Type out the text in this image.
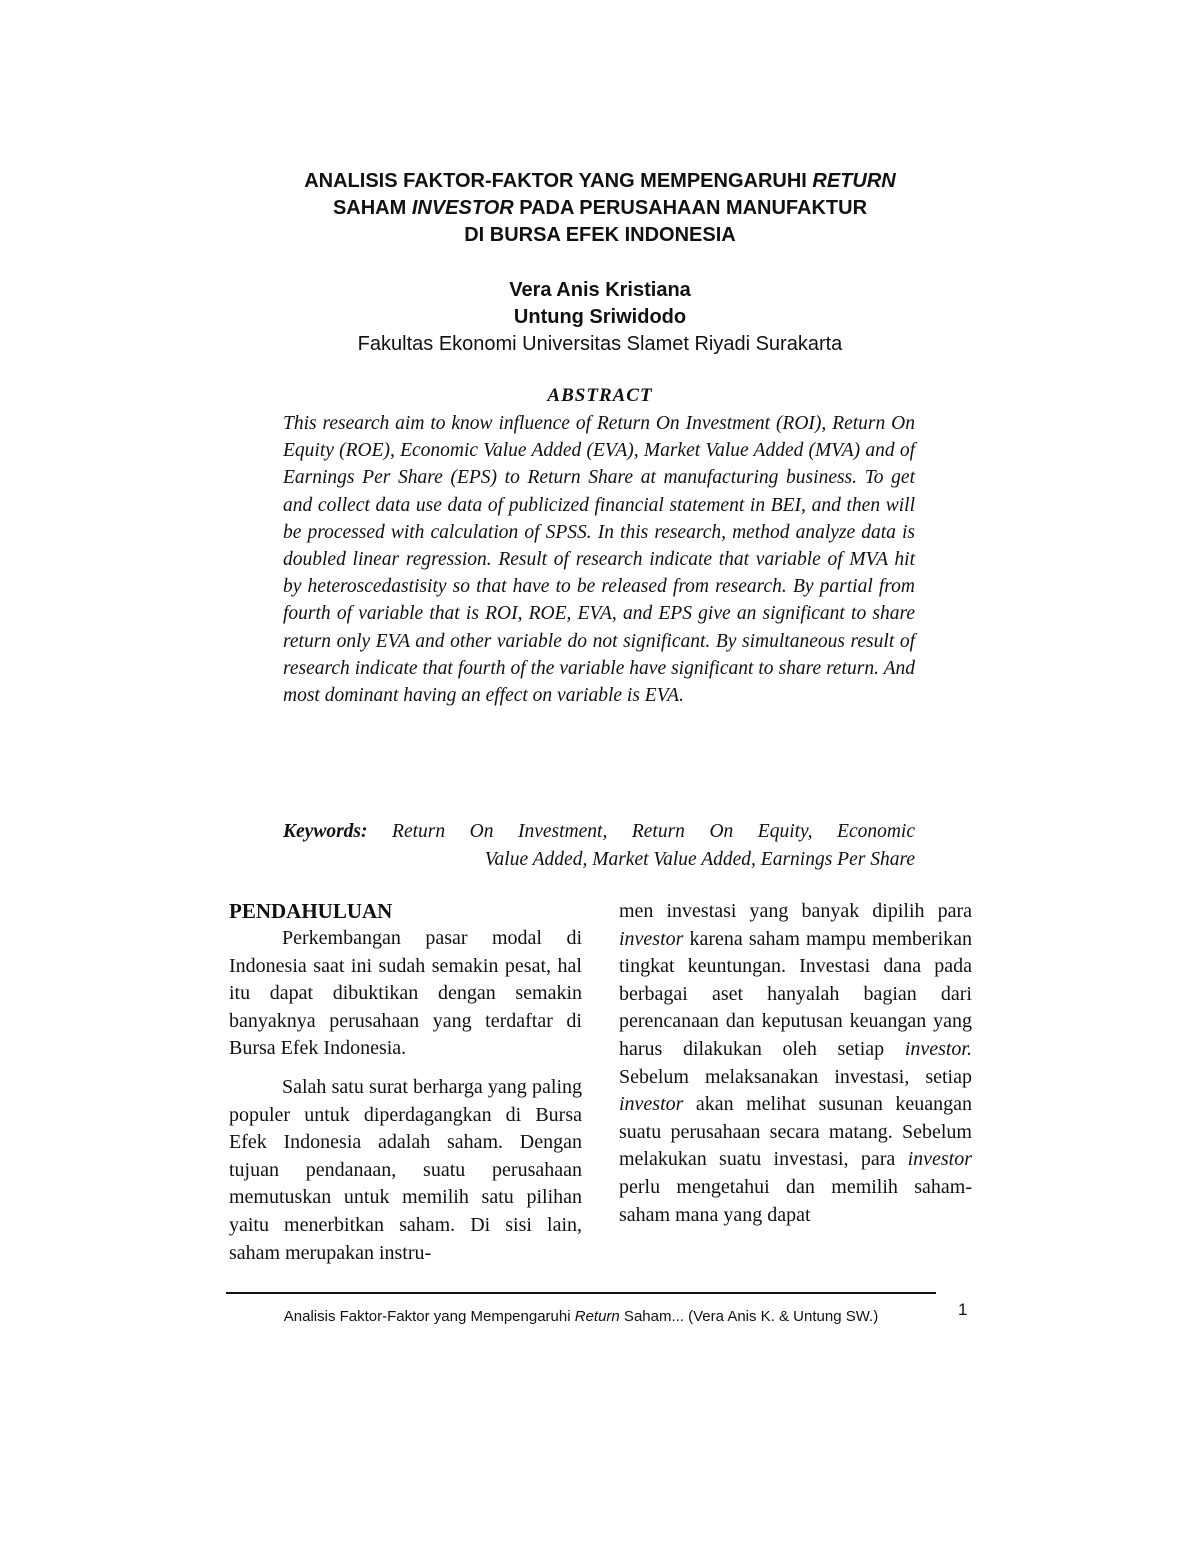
ANALISIS FAKTOR-FAKTOR YANG MEMPENGARUHI RETURN
SAHAM INVESTOR PADA PERUSAHAAN MANUFAKTUR
DI BURSA EFEK INDONESIA
Vera Anis Kristiana
Untung Sriwidodo
Fakultas Ekonomi Universitas Slamet Riyadi Surakarta
ABSTRACT
This research aim to know influence of Return On Investment (ROI), Return On Equity (ROE), Economic Value Added (EVA), Market Value Added (MVA) and of Earnings Per Share (EPS) to Return Share at manufacturing business. To get and collect data use data of publicized financial statement in BEI, and then will be processed with calculation of SPSS. In this research, method analyze data is doubled linear regression. Result of research indicate that variable of MVA hit by heteroscedastisity so that have to be released from research. By partial from fourth of variable that is ROI, ROE, EVA, and EPS give an significant to share return only EVA and other variable do not significant. By simultaneous result of research indicate that fourth of the variable have significant to share return. And most dominant having an effect on variable is EVA.
Keywords: Return On Investment, Return On Equity, Economic
Value Added, Market Value Added, Earnings Per Share
PENDAHULUAN

Perkembangan pasar modal di Indonesia saat ini sudah semakin pesat, hal itu dapat dibuktikan dengan semakin banyaknya perusahaan yang terdaftar di Bursa Efek Indonesia.

Salah satu surat berharga yang paling populer untuk diperdagangkan di Bursa Efek Indonesia adalah saham. Dengan tujuan pendanaan, suatu perusahaan memutuskan untuk memilih satu pilihan yaitu menerbitkan saham. Di sisi lain, saham merupakan instru-

men investasi yang banyak dipilih para investor karena saham mampu memberikan tingkat keuntungan. Investasi dana pada berbagai aset hanyalah bagian dari perencanaan dan keputusan keuangan yang harus dilakukan oleh setiap investor. Sebelum melaksanakan investasi, setiap investor akan melihat susunan keuangan suatu perusahaan secara matang. Sebelum melakukan suatu investasi, para investor perlu mengetahui dan memilih saham-saham mana yang dapat

Analisis Faktor-Faktor yang Mempengaruhi Return Saham... (Vera Anis K. & Untung SW.)	1
